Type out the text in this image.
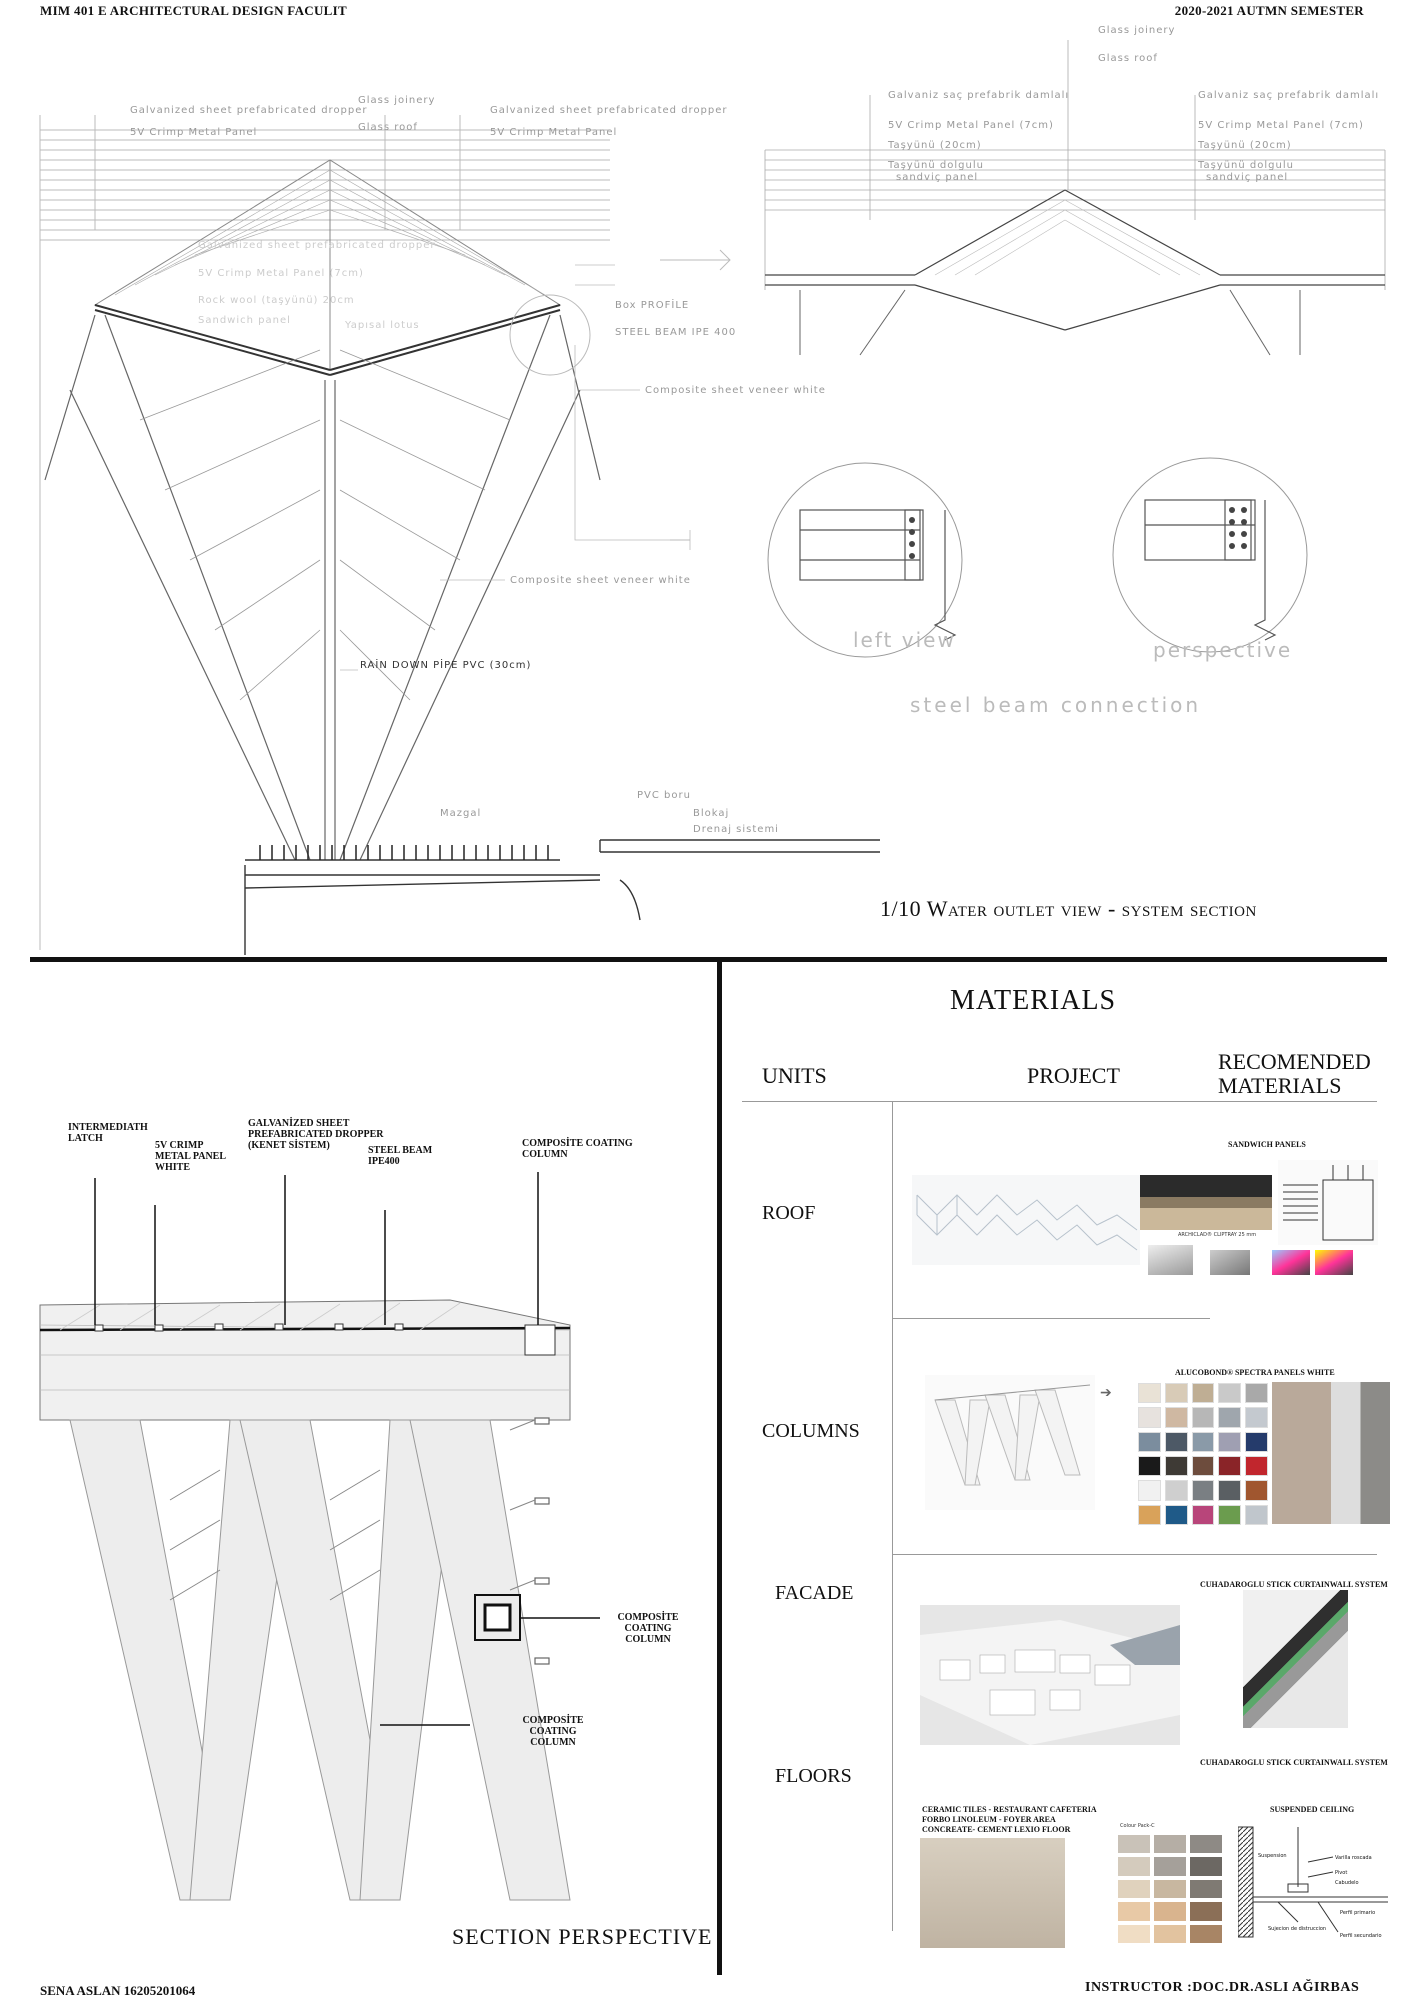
MIM 401 E ARCHITECTURAL DESIGN FACULIT	2020-2021 AUTMN SEMESTER
Galvanized sheet prefabricated dropper
5V Crimp Metal Panel
Glass joinery
Glass roof
Galvanized sheet prefabricated dropper
5V Crimp Metal Panel
Box PROFİLE
STEEL BEAM IPE 400
Composite sheet veneer white
Composite sheet veneer white
RAİN DOWN PİPE PVC (30cm)
Mazgal
PVC boru
Blokaj
Drenaj sistemi
Galvanized sheet prefabricated dropper
5V Crimp Metal Panel (7cm)
Rock wool (taşyünü) 20cm
Sandwich panel	Yapısal lotus
Glass joinery
Glass roof
Galvaniz saç prefabrik damlalı
5V Crimp Metal Panel (7cm)
Taşyünü (20cm)
Taşyünü dolgulu
sandviç panel
Galvaniz saç prefabrik damlalı
5V Crimp Metal Panel (7cm)
Taşyünü (20cm)
Taşyünü dolgulu
sandviç panel
left view	perspective
steel beam connection
1/10 Water outlet view - system section
INTERMEDIATH LATCH
5V CRIMP METAL PANEL WHITE
GALVANİZED SHEET PREFABRICATED DROPPER (KENET SİSTEM)	STEEL BEAM IPE400
COMPOSİTE COATING COLUMN
COMPOSİTE COATING COLUMN
COMPOSİTE COATING COLUMN
SECTION PERSPECTIVE
MATERIALS
UNITS	PROJECT
RECOMENDED MATERIALS
ROOF
COLUMNS
FACADE
FLOORS
SANDWICH PANELS
ARCHICLAD® CLIPTRAY 25 mm
ALUCOBOND® SPECTRA PANELS WHITE
➔
CUHADAROGLU STICK CURTAINWALL SYSTEM
CUHADAROGLU STICK CURTAINWALL SYSTEM
CERAMIC TILES - RESTAURANT CAFETERIA
FORBO LINOLEUM - FOYER AREA
CONCREATE- CEMENT LEXIO FLOOR	Colour Pack-C
SUSPENDED CEILING
Varilla roscada
Pivot
Cabudelo
Perfil primario
Perfil secundario
Sujecion de distruccion
Suspension
SENA ASLAN 16205201064	INSTRUCTOR :DOC.DR.ASLI AĞIRBAS
